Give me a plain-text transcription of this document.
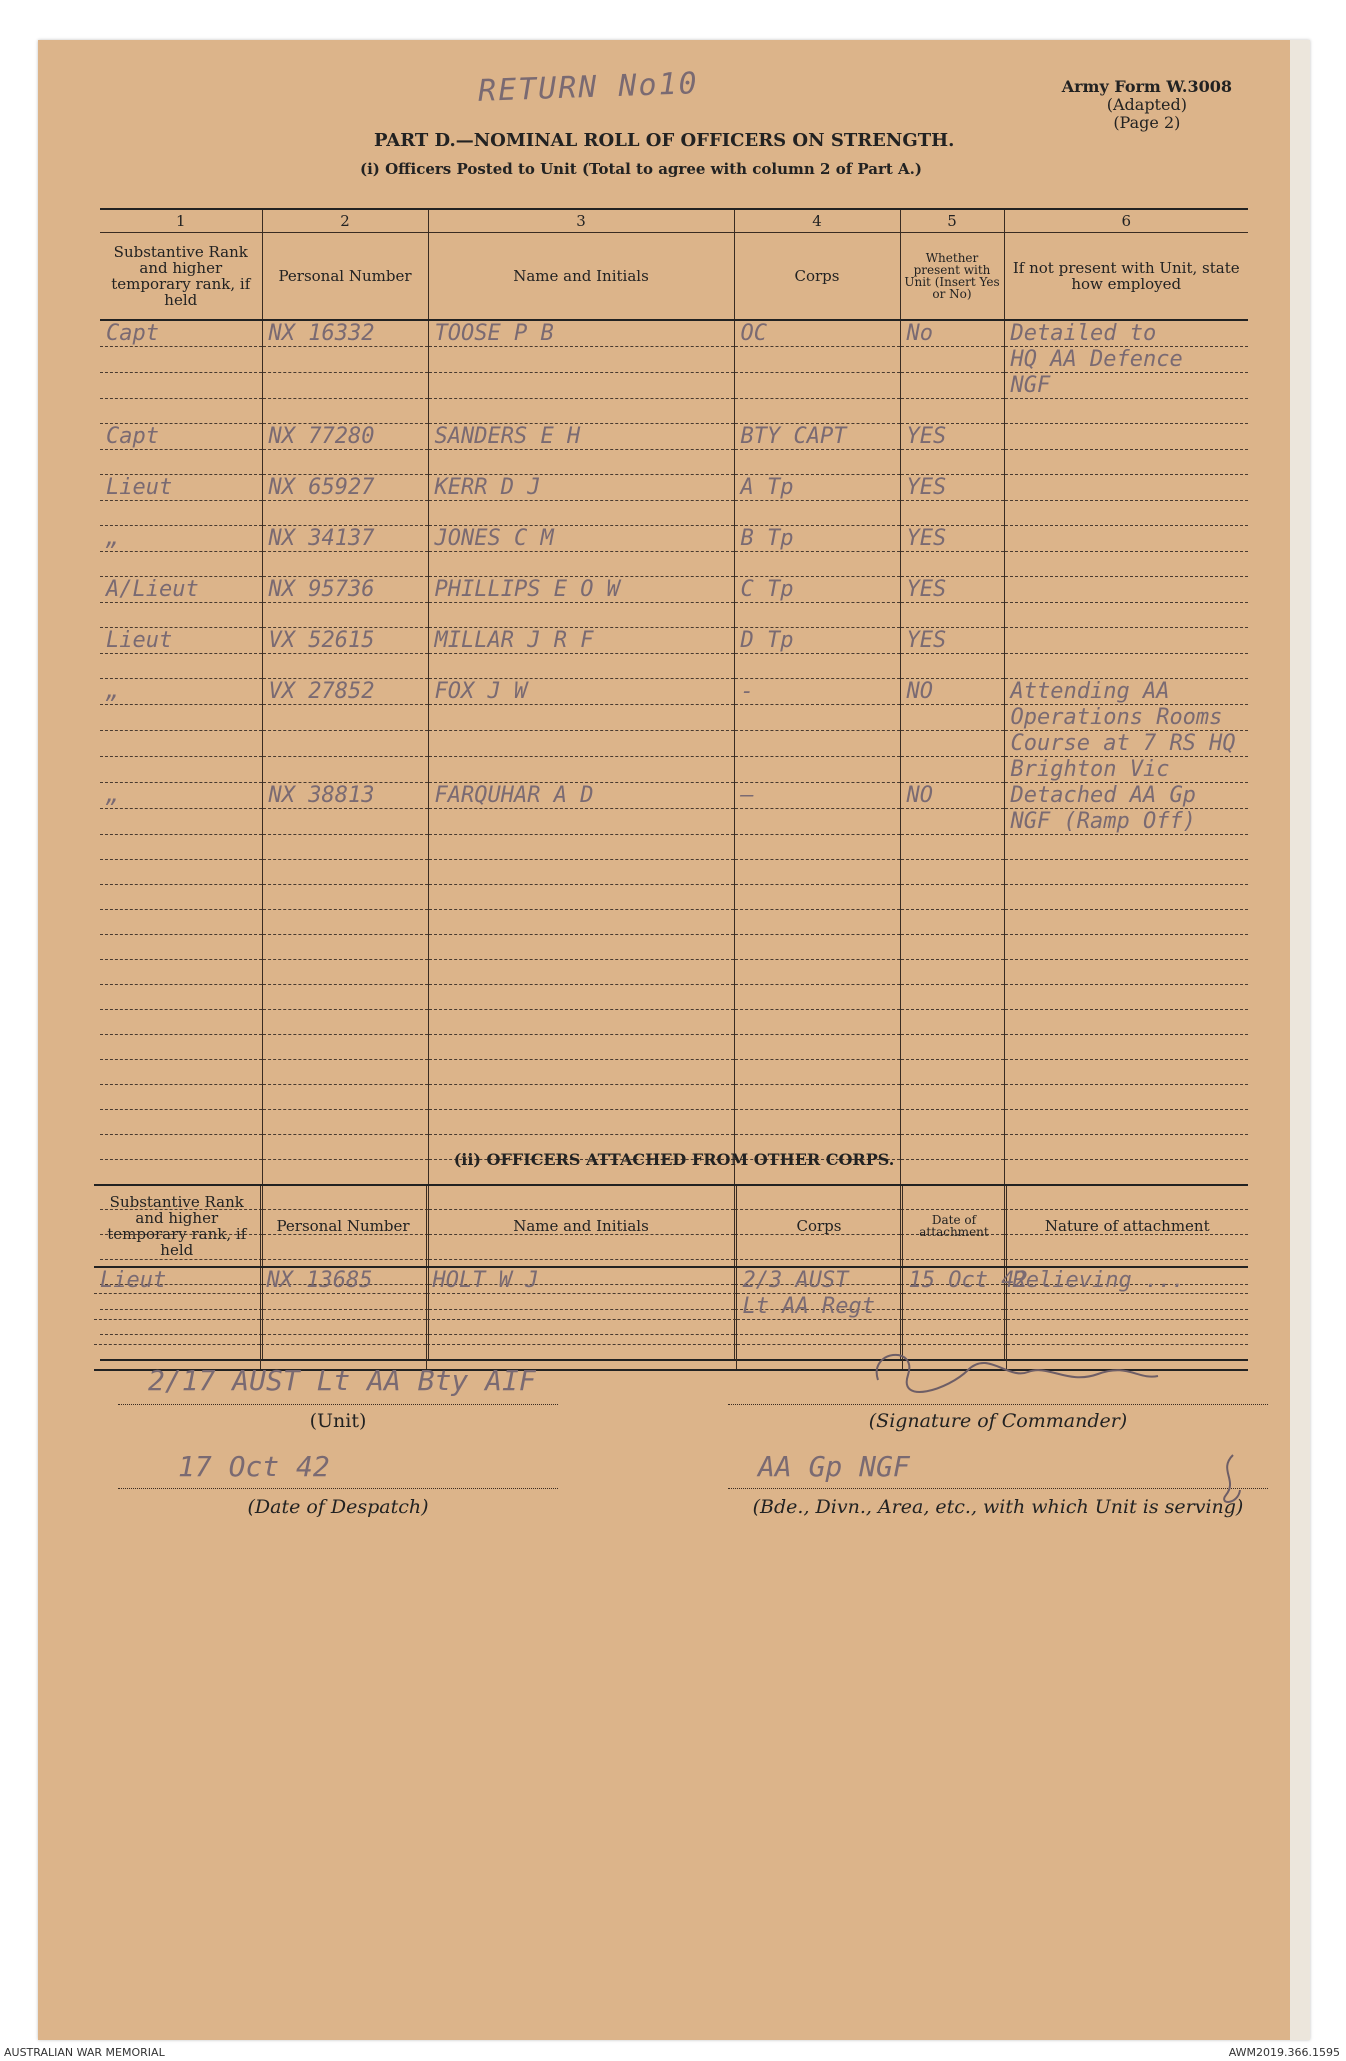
RETURN No10	Army Form W.3008
(Adapted)
(Page 2)
PART D.—NOMINAL ROLL OF OFFICERS ON STRENGTH.
(i) Officers Posted to Unit (Total to agree with column 2 of Part A.)
1	2	3	4	5	6
Substantive Rank and higher temporary rank, if held	Personal Number	Name and Initials	Corps	Whether present with Unit (Insert Yes or No)	If not present with Unit, state how employed
Capt	NX 16332	TOOSE P B	OC	No	Detailed to
					HQ AA Defence
					NGF

Capt	NX 77280	SANDERS E H	BTY CAPT	YES	

Lieut	NX 65927	KERR D J	A Tp	YES	

„	NX 34137	JONES C M	B Tp	YES	

A/Lieut	NX 95736	PHILLIPS E O W	C Tp	YES	

Lieut	VX 52615	MILLAR J R F	D Tp	YES	

„	VX 27852	FOX J W	-	NO	Attending AA
					Operations Rooms
					Course at 7 RS HQ
					Brighton Vic
„	NX 38813	FARQUHAR A D	—	NO	Detached AA Gp
					NGF (Ramp Off)

(ii) OFFICERS ATTACHED FROM OTHER CORPS.
Substantive Rank and higher temporary rank, if held	Personal Number	Name and Initials	Corps	Date of attachment	Nature of attachment
Lieut	NX 13685	HOLT W J	2/3 AUST	15 Oct 42	Relieving ...
			Lt AA Regt		

2/17 AUST Lt AA Bty AIF
(Unit)	(Signature of Commander)
17 Oct 42
(Date of Despatch)
AA Gp NGF
(Bde., Divn., Area, etc., with which Unit is serving)
AUSTRALIAN WAR MEMORIAL	AWM2019.366.1595
